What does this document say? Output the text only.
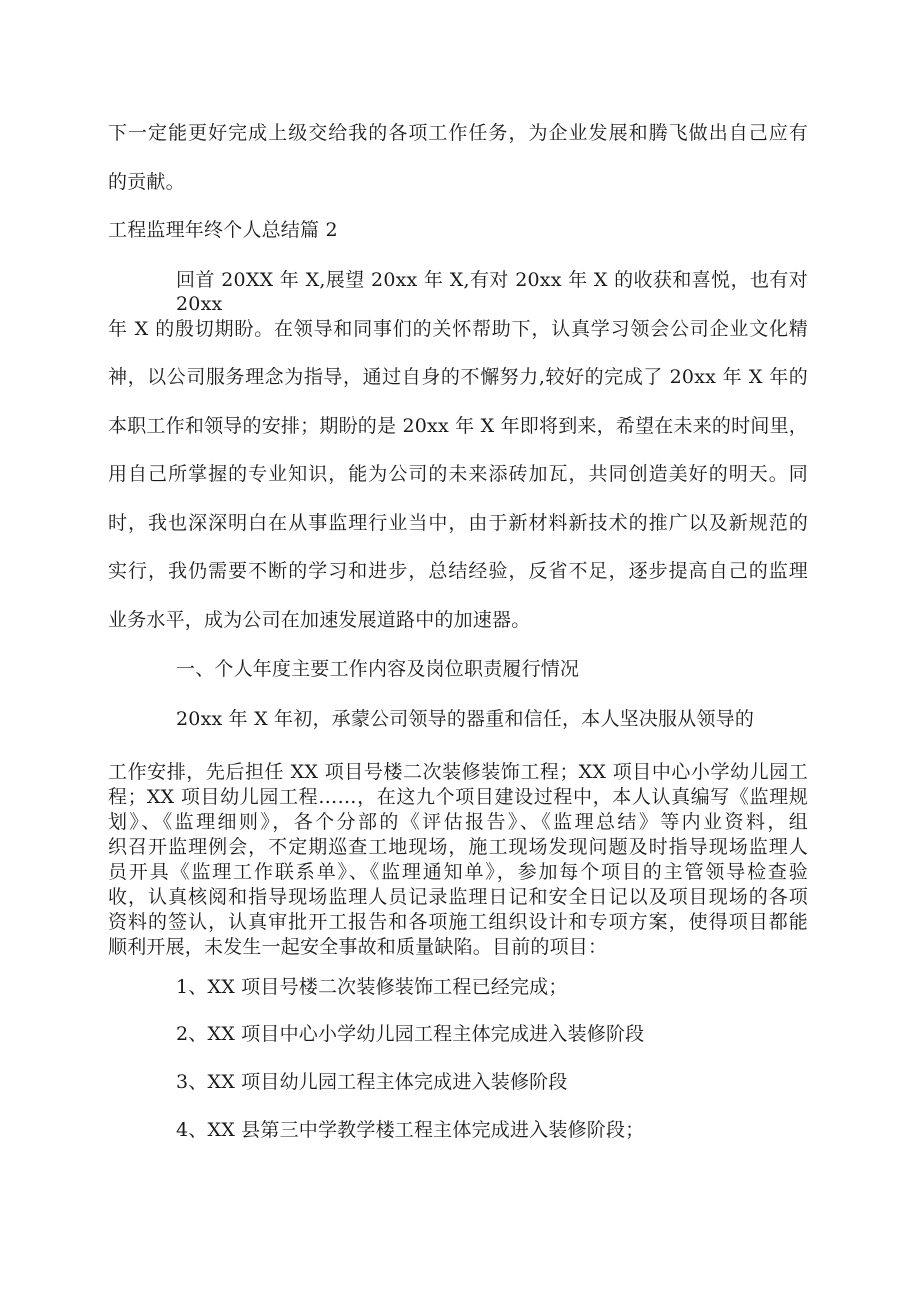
下一定能更好完成上级交给我的各项工作任务，为企业发展和腾飞做出自己应有
的贡献。
工程监理年终个人总结篇 2
回首 20XX 年 X,展望 20xx 年 X,有对 20xx 年 X 的收获和喜悦，也有对 20xx
年 X 的殷切期盼。在领导和同事们的关怀帮助下，认真学习领会公司企业文化精
神，以公司服务理念为指导，通过自身的不懈努力,较好的完成了 20xx 年 X 年的
本职工作和领导的安排；期盼的是 20xx 年 X 年即将到来，希望在未来的时间里，
用自己所掌握的专业知识，能为公司的未来添砖加瓦，共同创造美好的明天。同
时，我也深深明白在从事监理行业当中，由于新材料新技术的推广以及新规范的
实行，我仍需要不断的学习和进步，总结经验，反省不足，逐步提高自己的监理
业务水平，成为公司在加速发展道路中的加速器。
一、个人年度主要工作内容及岗位职责履行情况
20xx 年 X 年初，承蒙公司领导的器重和信任，本人坚决服从领导的
工作安排，先后担任 XX 项目号楼二次装修装饰工程；XX 项目中心小学幼儿园工
程；XX 项目幼儿园工程……，在这九个项目建设过程中，本人认真编写《监理规
划》、《监理细则》，各个分部的《评估报告》、《监理总结》等内业资料，组
织召开监理例会，不定期巡查工地现场，施工现场发现问题及时指导现场监理人
员开具《监理工作联系单》、《监理通知单》，参加每个项目的主管领导检查验
收，认真核阅和指导现场监理人员记录监理日记和安全日记以及项目现场的各项
资料的签认，认真审批开工报告和各项施工组织设计和专项方案，使得项目都能
顺利开展，未发生一起安全事故和质量缺陷。目前的项目：
1、XX 项目号楼二次装修装饰工程已经完成；
2、XX 项目中心小学幼儿园工程主体完成进入装修阶段
3、XX 项目幼儿园工程主体完成进入装修阶段
4、XX 县第三中学教学楼工程主体完成进入装修阶段；
